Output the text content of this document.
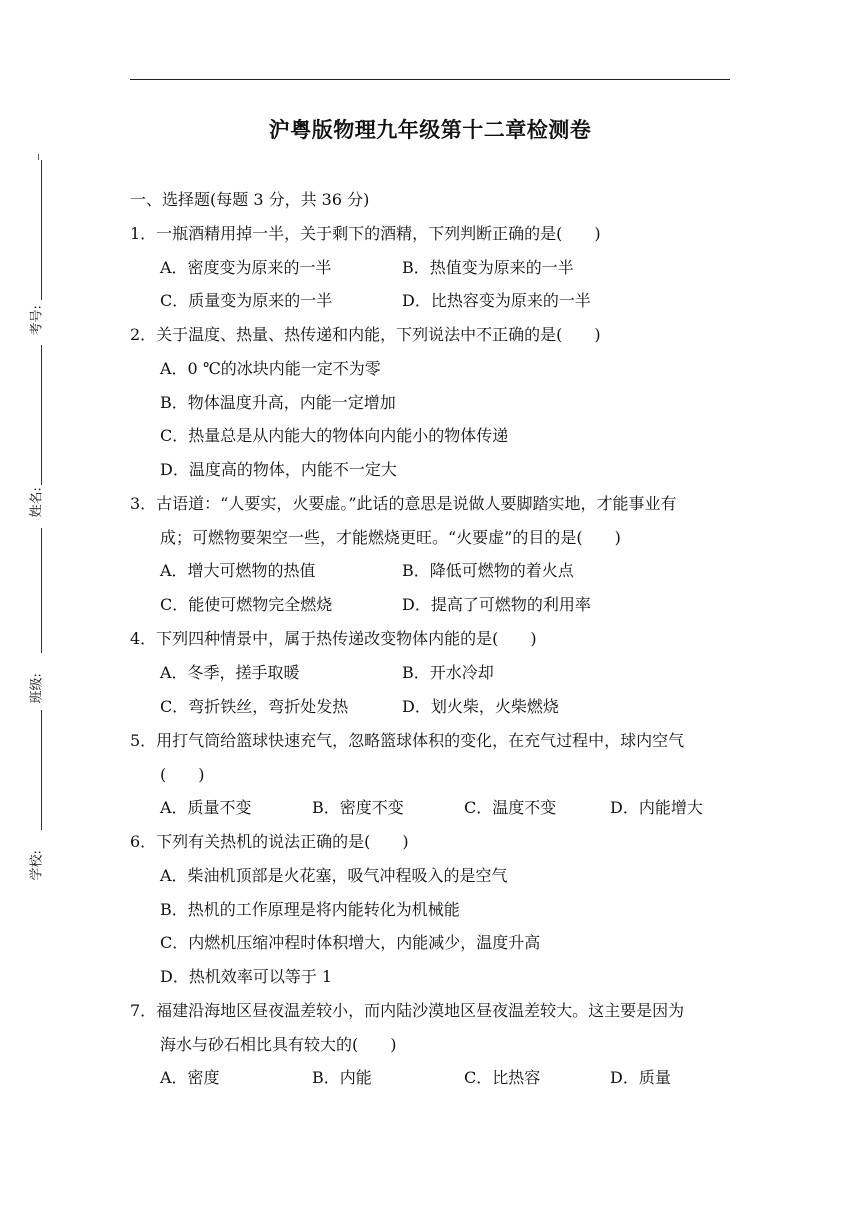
沪粤版物理九年级第十二章检测卷
考号:
姓名:
班级:
学校:
一、选择题(每题 3 分，共 36 分)
1．一瓶酒精用掉一半，关于剩下的酒精，下列判断正确的是(　　)
A．密度变为原来的一半	B．热值变为原来的一半
C．质量变为原来的一半	D．比热容变为原来的一半
2．关于温度、热量、热传递和内能，下列说法中不正确的是(　　)
A．0 ℃的冰块内能一定不为零
B．物体温度升高，内能一定增加
C．热量总是从内能大的物体向内能小的物体传递
D．温度高的物体，内能不一定大
3．古语道：“人要实，火要虚。”此话的意思是说做人要脚踏实地，才能事业有
成；可燃物要架空一些，才能燃烧更旺。“火要虚”的目的是(　　)
A．增大可燃物的热值	B．降低可燃物的着火点
C．能使可燃物完全燃烧	D．提高了可燃物的利用率
4．下列四种情景中，属于热传递改变物体内能的是(　　)
A．冬季，搓手取暖	B．开水冷却
C．弯折铁丝，弯折处发热	D．划火柴，火柴燃烧
5．用打气筒给篮球快速充气，忽略篮球体积的变化，在充气过程中，球内空气
(　　)
A．质量不变	B．密度不变	C．温度不变	D．内能增大
6．下列有关热机的说法正确的是(　　)
A．柴油机顶部是火花塞，吸气冲程吸入的是空气
B．热机的工作原理是将内能转化为机械能
C．内燃机压缩冲程时体积增大，内能减少，温度升高
D．热机效率可以等于 1
7．福建沿海地区昼夜温差较小，而内陆沙漠地区昼夜温差较大。这主要是因为
海水与砂石相比具有较大的(　　)
A．密度	B．内能	C．比热容	D．质量
